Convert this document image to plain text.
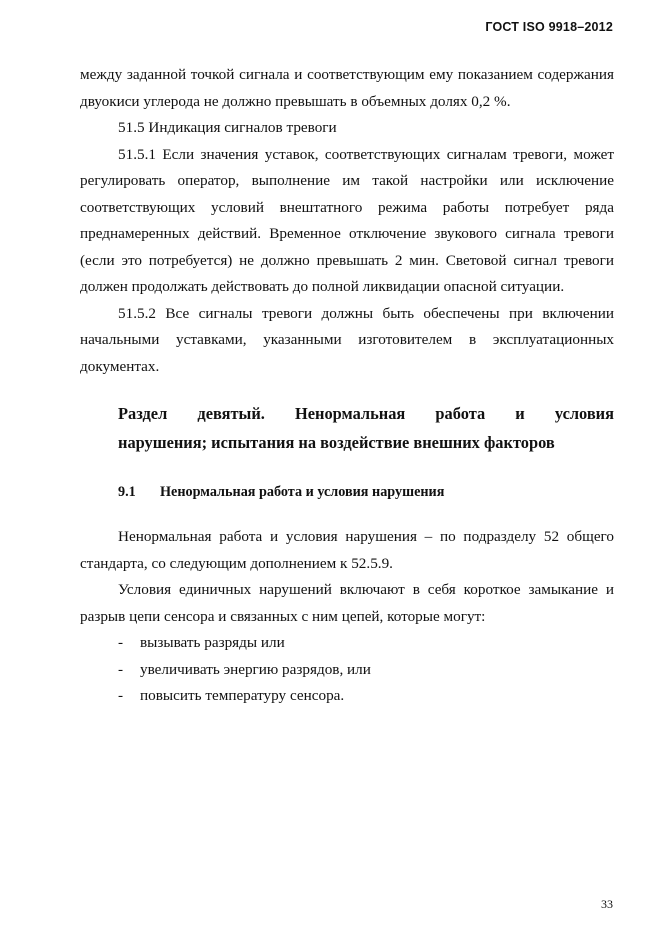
ГОСТ ISO 9918–2012

между заданной точкой сигнала и соответствующим ему показанием содержания двуокиси углерода не должно превышать в объемных долях 0,2 %.

51.5 Индикация сигналов тревоги

51.5.1 Если значения уставок, соответствующих сигналам тревоги, может регулировать оператор, выполнение им такой настройки или исключение соответствующих условий внештатного режима работы потребует ряда преднамеренных действий. Временное отключение звукового сигнала тревоги (если это потребуется) не должно превышать 2 мин. Световой сигнал тревоги должен продолжать действовать до полной ликвидации опасной ситуации.

51.5.2 Все сигналы тревоги должны быть обеспечены при включении начальными уставками, указанными изготовителем в эксплуатационных документах.

Раздел девятый. Ненормальная работа и условия
нарушения; испытания на воздействие внешних факторов
9.1 Ненормальная работа и условия нарушения

Ненормальная работа и условия нарушения – по подразделу 52 общего стандарта, со следующим дополнением к 52.5.9.

Условия единичных нарушений включают в себя короткое замыкание и разрыв цепи сенсора и связанных с ним цепей, которые могут:

- вызывать разряды или
- увеличивать энергию разрядов, или
- повысить температуру сенсора.
33
